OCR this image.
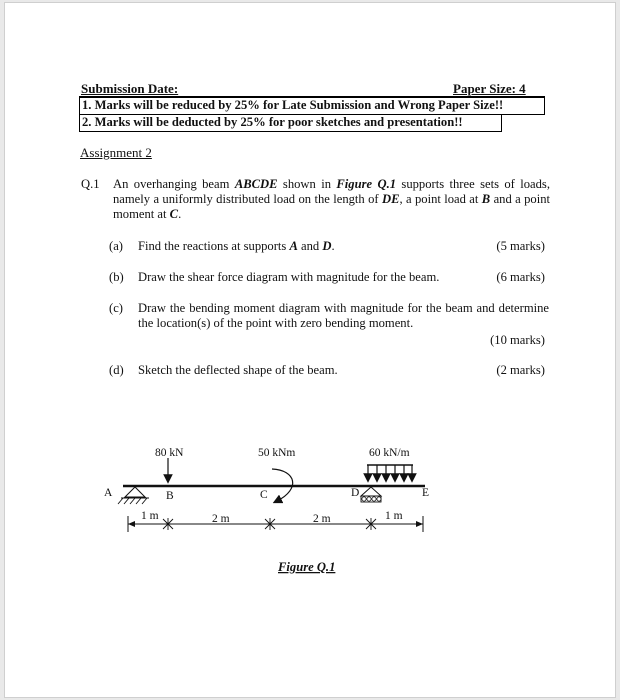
Submission Date:	Paper Size: 4
1. Marks will be reduced by 25% for Late Submission and Wrong Paper Size!!
2. Marks will be deducted by 25% for poor sketches and presentation!!
Assignment 2
Q.1 An overhanging beam ABCDE shown in Figure Q.1 supports three sets of loads, namely a uniformly distributed load on the length of DE, a point load at B and a point moment at C.
(a) Find the reactions at supports A and D.	(5 marks)
(b) Draw the shear force diagram with magnitude for the beam.	(6 marks)
(c) Draw the bending moment diagram with magnitude for the beam and determine the location(s) of the point with zero bending moment.
(10 marks)
(d) Sketch the deflected shape of the beam.	(2 marks)
80 kN	50 kNm	60 kN/m
A	B	C	D	E
1 m	2 m	2 m	1 m
Figure Q.1
